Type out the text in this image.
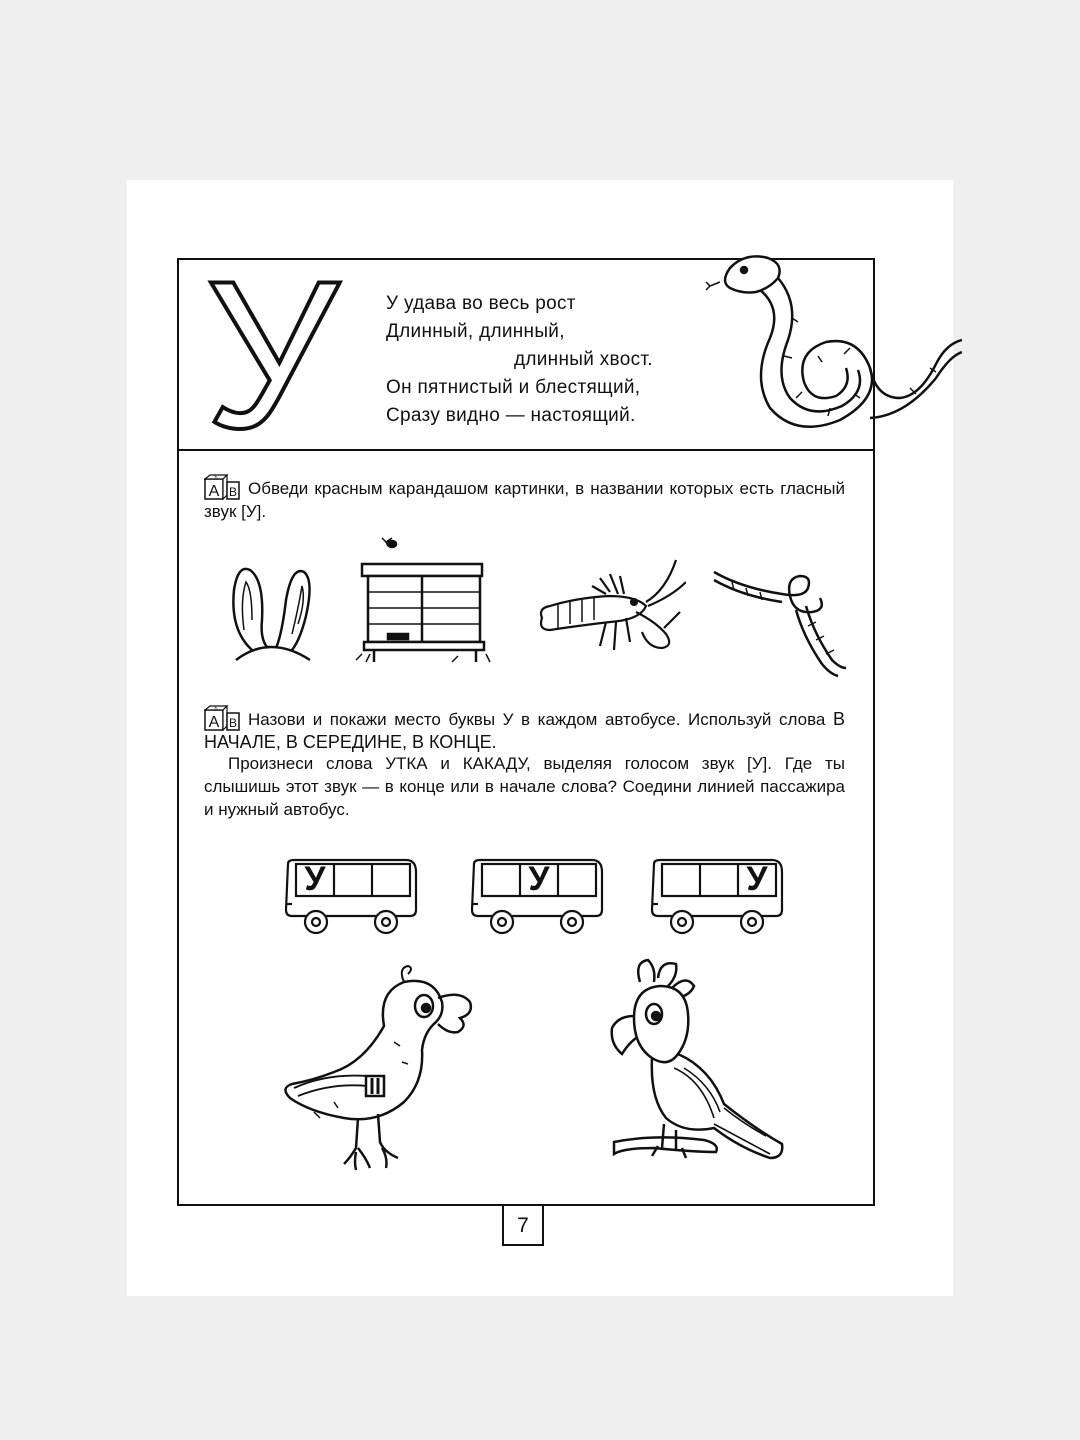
У У удава во весь рост
Длинный, длинный,
длинный хвост.
Он пятнистый и блестящий,
Сразу видно — настоящий.
А
Б
В Обведи красным карандашом картинки, в названии которых есть гласный звук [У].
А
Б
В Назови и покажи место буквы У в каждом автобусе. Используй слова В НАЧАЛЕ, В СЕРЕДИНЕ, В КОНЦЕ.
Произнеси слова УТКА и КАКАДУ, выделяя голосом звук [У]. Где ты слышишь этот звук — в конце или в начале слова? Соедини линией пассажира и нужный автобус.
У	У	У
7
